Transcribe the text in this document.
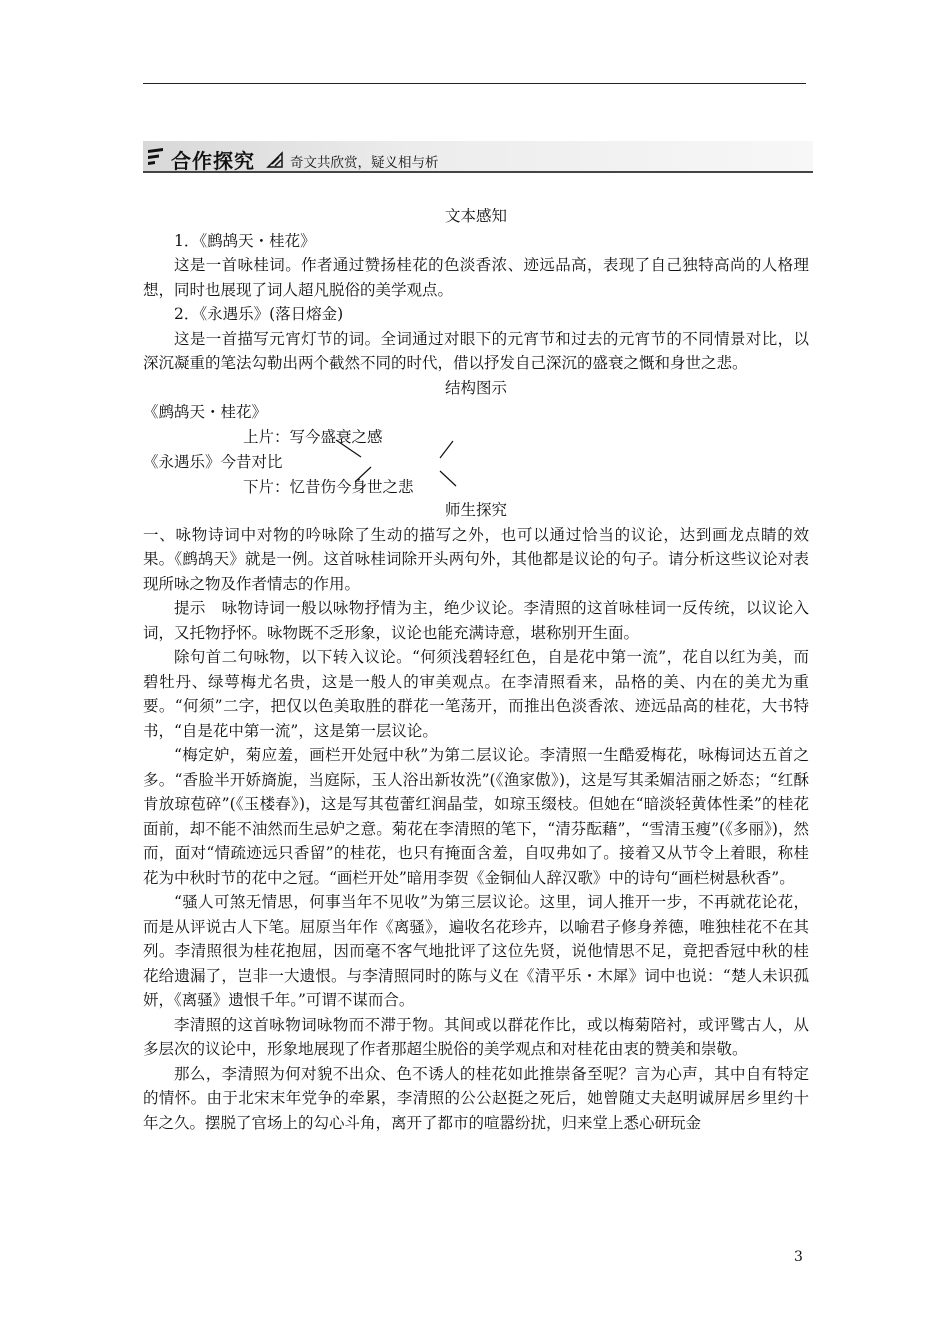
合作探究	奇文共欣赏，疑义相与析

文本感知

1．《鹧鸪天・桂花》

这是一首咏桂词。作者通过赞扬桂花的色淡香浓、迹远品高，表现了自己独特高尚的人格理想，同时也展现了词人超凡脱俗的美学观点。

2．《永遇乐》(落日熔金)

这是一首描写元宵灯节的词。全词通过对眼下的元宵节和过去的元宵节的不同情景对比，以深沉凝重的笔法勾勒出两个截然不同的时代，借以抒发自己深沉的盛衰之慨和身世之悲。

结构图示

《鹧鸪天・桂花》
上片：写今盛衰之感
《永遇乐》今昔对比
下片：忆昔伤今身世之悲

师生探究

一、咏物诗词中对物的吟咏除了生动的描写之外，也可以通过恰当的议论，达到画龙点睛的效果。《鹧鸪天》就是一例。这首咏桂词除开头两句外，其他都是议论的句子。请分析这些议论对表现所咏之物及作者情志的作用。

提示　咏物诗词一般以咏物抒情为主，绝少议论。李清照的这首咏桂词一反传统，以议论入词，又托物抒怀。咏物既不乏形象，议论也能充满诗意，堪称别开生面。

除句首二句咏物，以下转入议论。“何须浅碧轻红色，自是花中第一流”，花自以红为美，而碧牡丹、绿萼梅尤名贵，这是一般人的审美观点。在李清照看来，品格的美、内在的美尤为重要。“何须”二字，把仅以色美取胜的群花一笔荡开，而推出色淡香浓、迹远品高的桂花，大书特书，“自是花中第一流”，这是第一层议论。

“梅定妒，菊应羞，画栏开处冠中秋”为第二层议论。李清照一生酷爱梅花，咏梅词达五首之多。“香脸半开娇旖旎，当庭际，玉人浴出新妆洗”(《渔家傲》)，这是写其柔媚洁丽之娇态；“红酥肯放琼苞碎”(《玉楼春》)，这是写其苞蕾红润晶莹，如琼玉缀枝。但她在“暗淡轻黄体性柔”的桂花面前，却不能不油然而生忌妒之意。菊花在李清照的笔下，“清芬酝藉”，“雪清玉瘦”(《多丽》)，然而，面对“情疏迹远只香留”的桂花，也只有掩面含羞，自叹弗如了。接着又从节令上着眼，称桂花为中秋时节的花中之冠。“画栏开处”暗用李贺《金铜仙人辞汉歌》中的诗句“画栏树悬秋香”。

“骚人可煞无情思，何事当年不见收”为第三层议论。这里，词人推开一步，不再就花论花，而是从评说古人下笔。屈原当年作《离骚》，遍收名花珍卉，以喻君子修身养德，唯独桂花不在其列。李清照很为桂花抱屈，因而毫不客气地批评了这位先贤，说他情思不足，竟把香冠中秋的桂花给遗漏了，岂非一大遗恨。与李清照同时的陈与义在《清平乐・木犀》词中也说：“楚人未识孤妍，《离骚》遗恨千年。”可谓不谋而合。

李清照的这首咏物词咏物而不滞于物。其间或以群花作比，或以梅菊陪衬，或评骘古人，从多层次的议论中，形象地展现了作者那超尘脱俗的美学观点和对桂花由衷的赞美和崇敬。

那么，李清照为何对貌不出众、色不诱人的桂花如此推崇备至呢？言为心声，其中自有特定的情怀。由于北宋末年党争的牵累，李清照的公公赵挺之死后，她曾随丈夫赵明诚屏居乡里约十年之久。摆脱了官场上的勾心斗角，离开了都市的喧嚣纷扰，归来堂上悉心研玩金

3
